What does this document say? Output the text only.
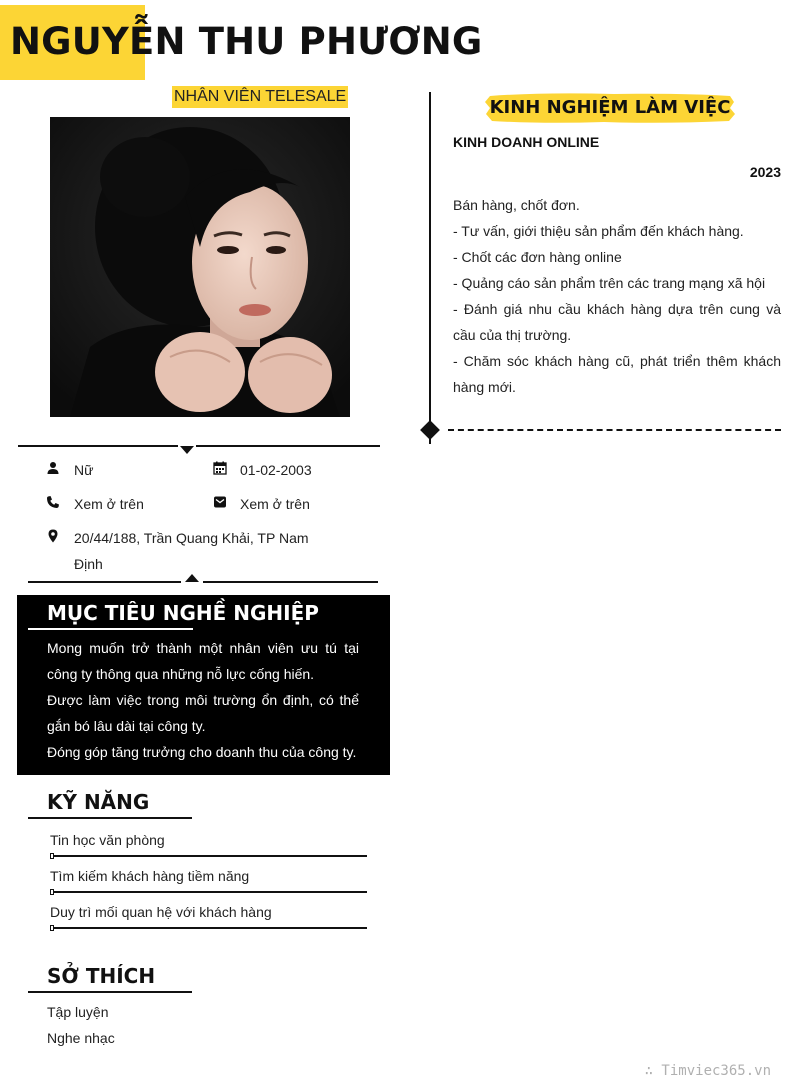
NGUYỄN THU PHƯƠNG
NHÂN VIÊN TELESALE
Nữ	01-02-2003
Xem ở trên	Xem ở trên
20/44/188, Trần Quang Khải, TP Nam Định
MỤC TIÊU NGHỀ NGHIỆP

Mong muốn trở thành một nhân viên ưu tú tại công ty thông qua những nỗ lực cống hiến.

Được làm việc trong môi trường ổn định, có thể gắn bó lâu dài tại công ty.

Đóng góp tăng trưởng cho doanh thu của công ty.

KỸ NĂNG
Tin học văn phòng
Tìm kiếm khách hàng tiềm năng
Duy trì mối quan hệ với khách hàng
SỞ THÍCH
Tập luyện
Nghe nhạc
KINH NGHIỆM LÀM VIỆC
KINH DOANH ONLINE
2023

Bán hàng, chốt đơn.

- Tư vấn, giới thiệu sản phẩm đến khách hàng.

- Chốt các đơn hàng online

- Quảng cáo sản phẩm trên các trang mạng xã hội

- Đánh giá nhu cầu khách hàng dựa trên cung và cầu của thị trường.

- Chăm sóc khách hàng cũ, phát triển thêm khách hàng mới.

∴ Timviec365.vn
